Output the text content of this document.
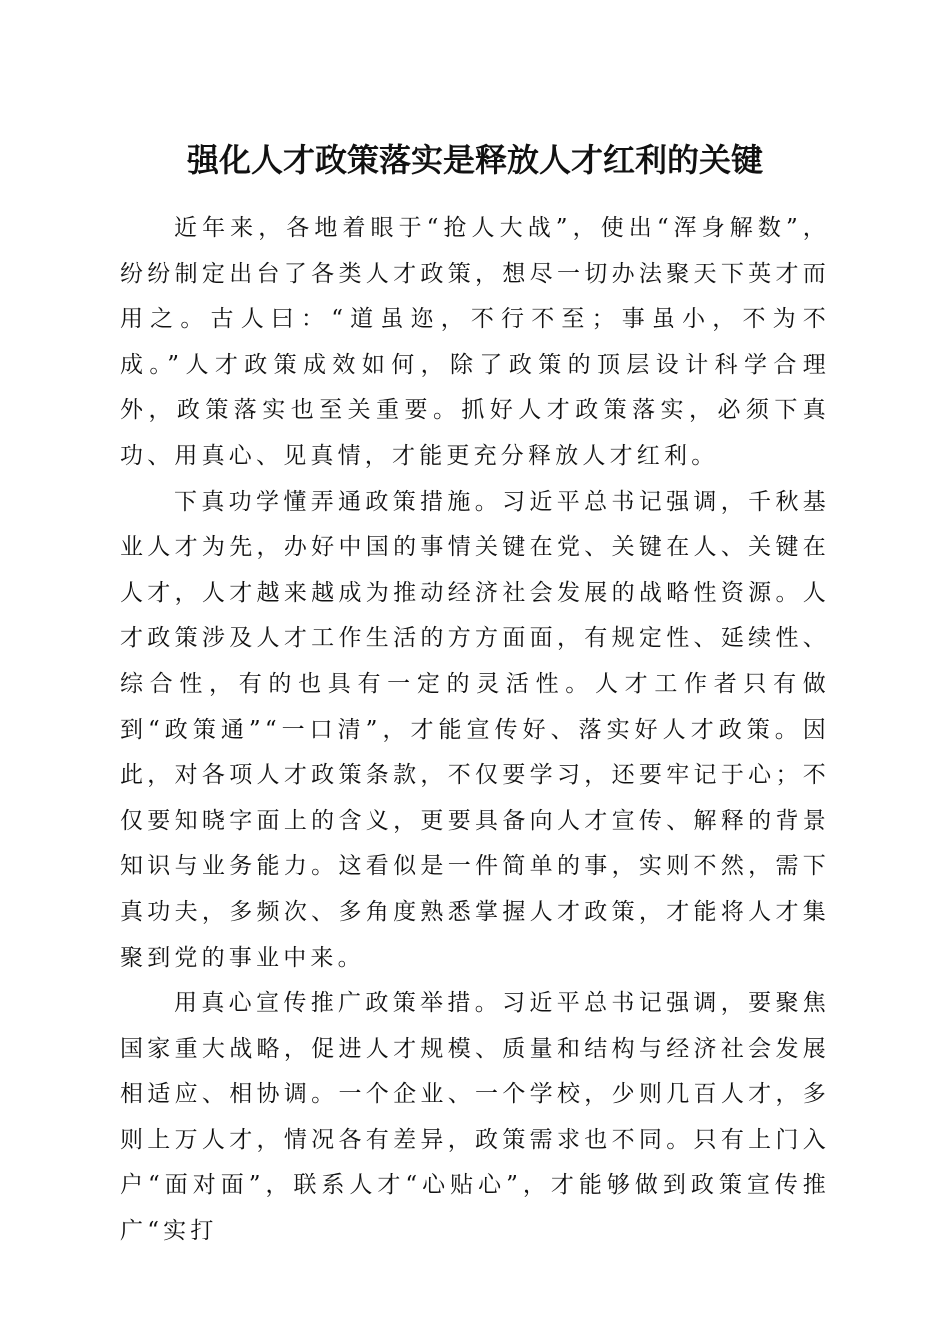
强化人才政策落实是释放人才红利的关键

近年来，各地着眼于“抢人大战”，使出“浑身解数”，纷纷制定出台了各类人才政策，想尽一切办法聚天下英才而用之。古人曰：“道虽迩，不行不至；事虽小，不为不成。”人才政策成效如何，除了政策的顶层设计科学合理外，政策落实也至关重要。抓好人才政策落实，必须下真功、用真心、见真情，才能更充分释放人才红利。

下真功学懂弄通政策措施。习近平总书记强调，千秋基业人才为先，办好中国的事情关键在党、关键在人、关键在人才，人才越来越成为推动经济社会发展的战略性资源。人才政策涉及人才工作生活的方方面面，有规定性、延续性、综合性，有的也具有一定的灵活性。人才工作者只有做到“政策通”“一口清”，才能宣传好、落实好人才政策。因此，对各项人才政策条款，不仅要学习，还要牢记于心；不仅要知晓字面上的含义，更要具备向人才宣传、解释的背景知识与业务能力。这看似是一件简单的事，实则不然，需下真功夫，多频次、多角度熟悉掌握人才政策，才能将人才集聚到党的事业中来。

用真心宣传推广政策举措。习近平总书记强调，要聚焦国家重大战略，促进人才规模、质量和结构与经济社会发展相适应、相协调。一个企业、一个学校，少则几百人才，多则上万人才，情况各有差异，政策需求也不同。只有上门入户“面对面”，联系人才“心贴心”，才能够做到政策宣传推广“实打
